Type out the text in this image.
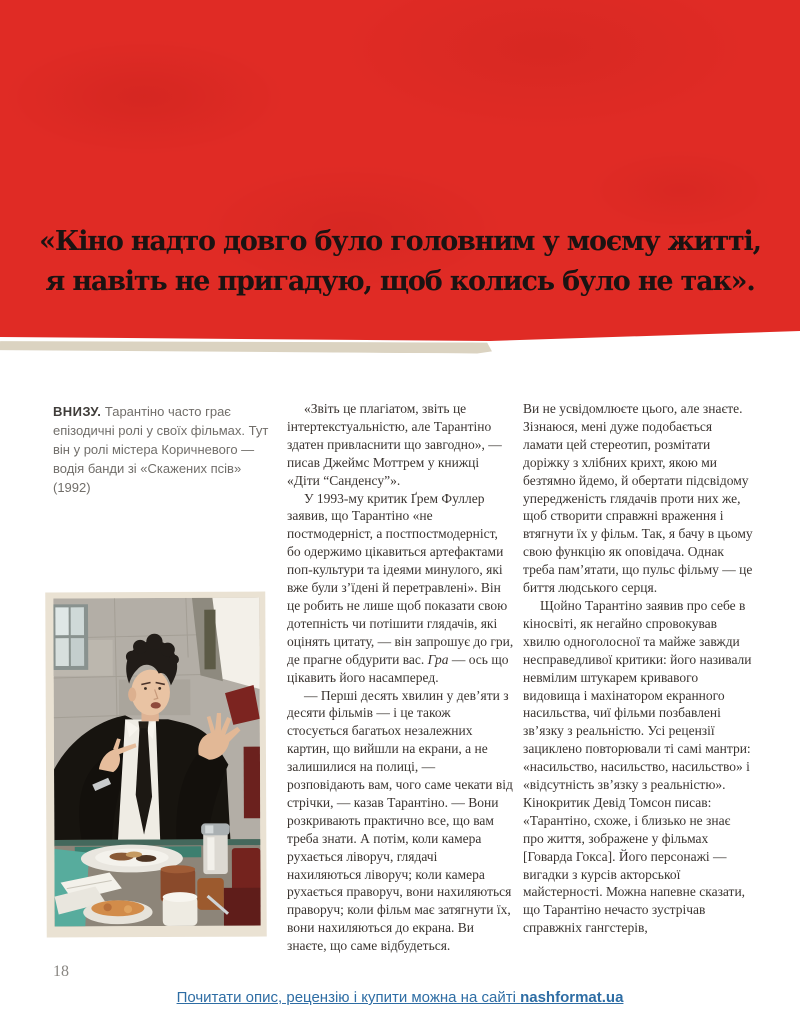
«Кіно надто довго було головним у моєму житті,
я навіть не пригадую, щоб колись було не так».

ВНИЗУ. Тарантіно часто грає епізодичні ролі у своїх фільмах. Тут він у ролі містера Коричневого — водія банди зі «Скажених псів» (1992)

«Звіть це плагіатом, звіть це інтертекстуальністю, але Тарантіно здатен привласнити що завгодно», — писав Джеймс Моттрем у книжці «Діти “Санденсу”».

У 1993-му критик Ґрем Фуллер заявив, що Тарантіно «не постмодерніст, а постпостмодерніст, бо одержимо цікавиться артефактами поп-культури та ідеями минулого, які вже були з’їдені й перетравлені». Він це робить не лише щоб показати свою дотепність чи потішити глядачів, які оцінять цитату, — він запрошує до гри, де прагне обдурити вас. Гра — ось що цікавить його насамперед.

— Перші десять хвилин у дев’яти з десяти фільмів — і це також стосується багатьох незалежних картин, що вийшли на екрани, а не залишилися на полиці, — розповідають вам, чого саме чекати від стрічки, — казав Тарантіно. — Вони розкривають практично все, що вам треба знати. А потім, коли камера рухається ліворуч, глядачі нахиляються ліворуч; коли камера рухається праворуч, вони нахиляються праворуч; коли фільм має затягнути їх, вони нахиляються до екрана. Ви знаєте, що саме відбудеться.

Ви не усвідомлюєте цього, але знаєте. Зізнаюся, мені дуже подобається ламати цей стереотип, розмітати доріжку з хлібних крихт, якою ми безтямно йдемо, й обертати підсвідому упередженість глядачів проти них же, щоб створити справжні враження і втягнути їх у фільм. Так, я бачу в цьому свою функцію як оповідача. Однак треба пам’ятати, що пульс фільму — це биття людського серця.

Щойно Тарантіно заявив про себе в кіносвіті, як негайно спровокував хвилю одноголосної та майже завжди несправедливої критики: його називали невмілим штукарем кривавого видовища і махінатором екранного насильства, чиї фільми позбавлені зв’язку з реальністю. Усі рецензії зациклено повторювали ті самі мантри: «насильство, насильство, насильство» і «відсутність зв’язку з реальністю». Кінокритик Девід Томсон писав: «Тарантіно, схоже, і близько не знає про життя, зображене у фільмах [Говарда Гокса]. Його персонажі — вигадки з курсів акторської майстерності. Можна напевне сказати, що Тарантіно нечасто зустрічав справжніх гангстерів,

18
Почитати опис, рецензію і купити можна на сайті nashformat.ua
